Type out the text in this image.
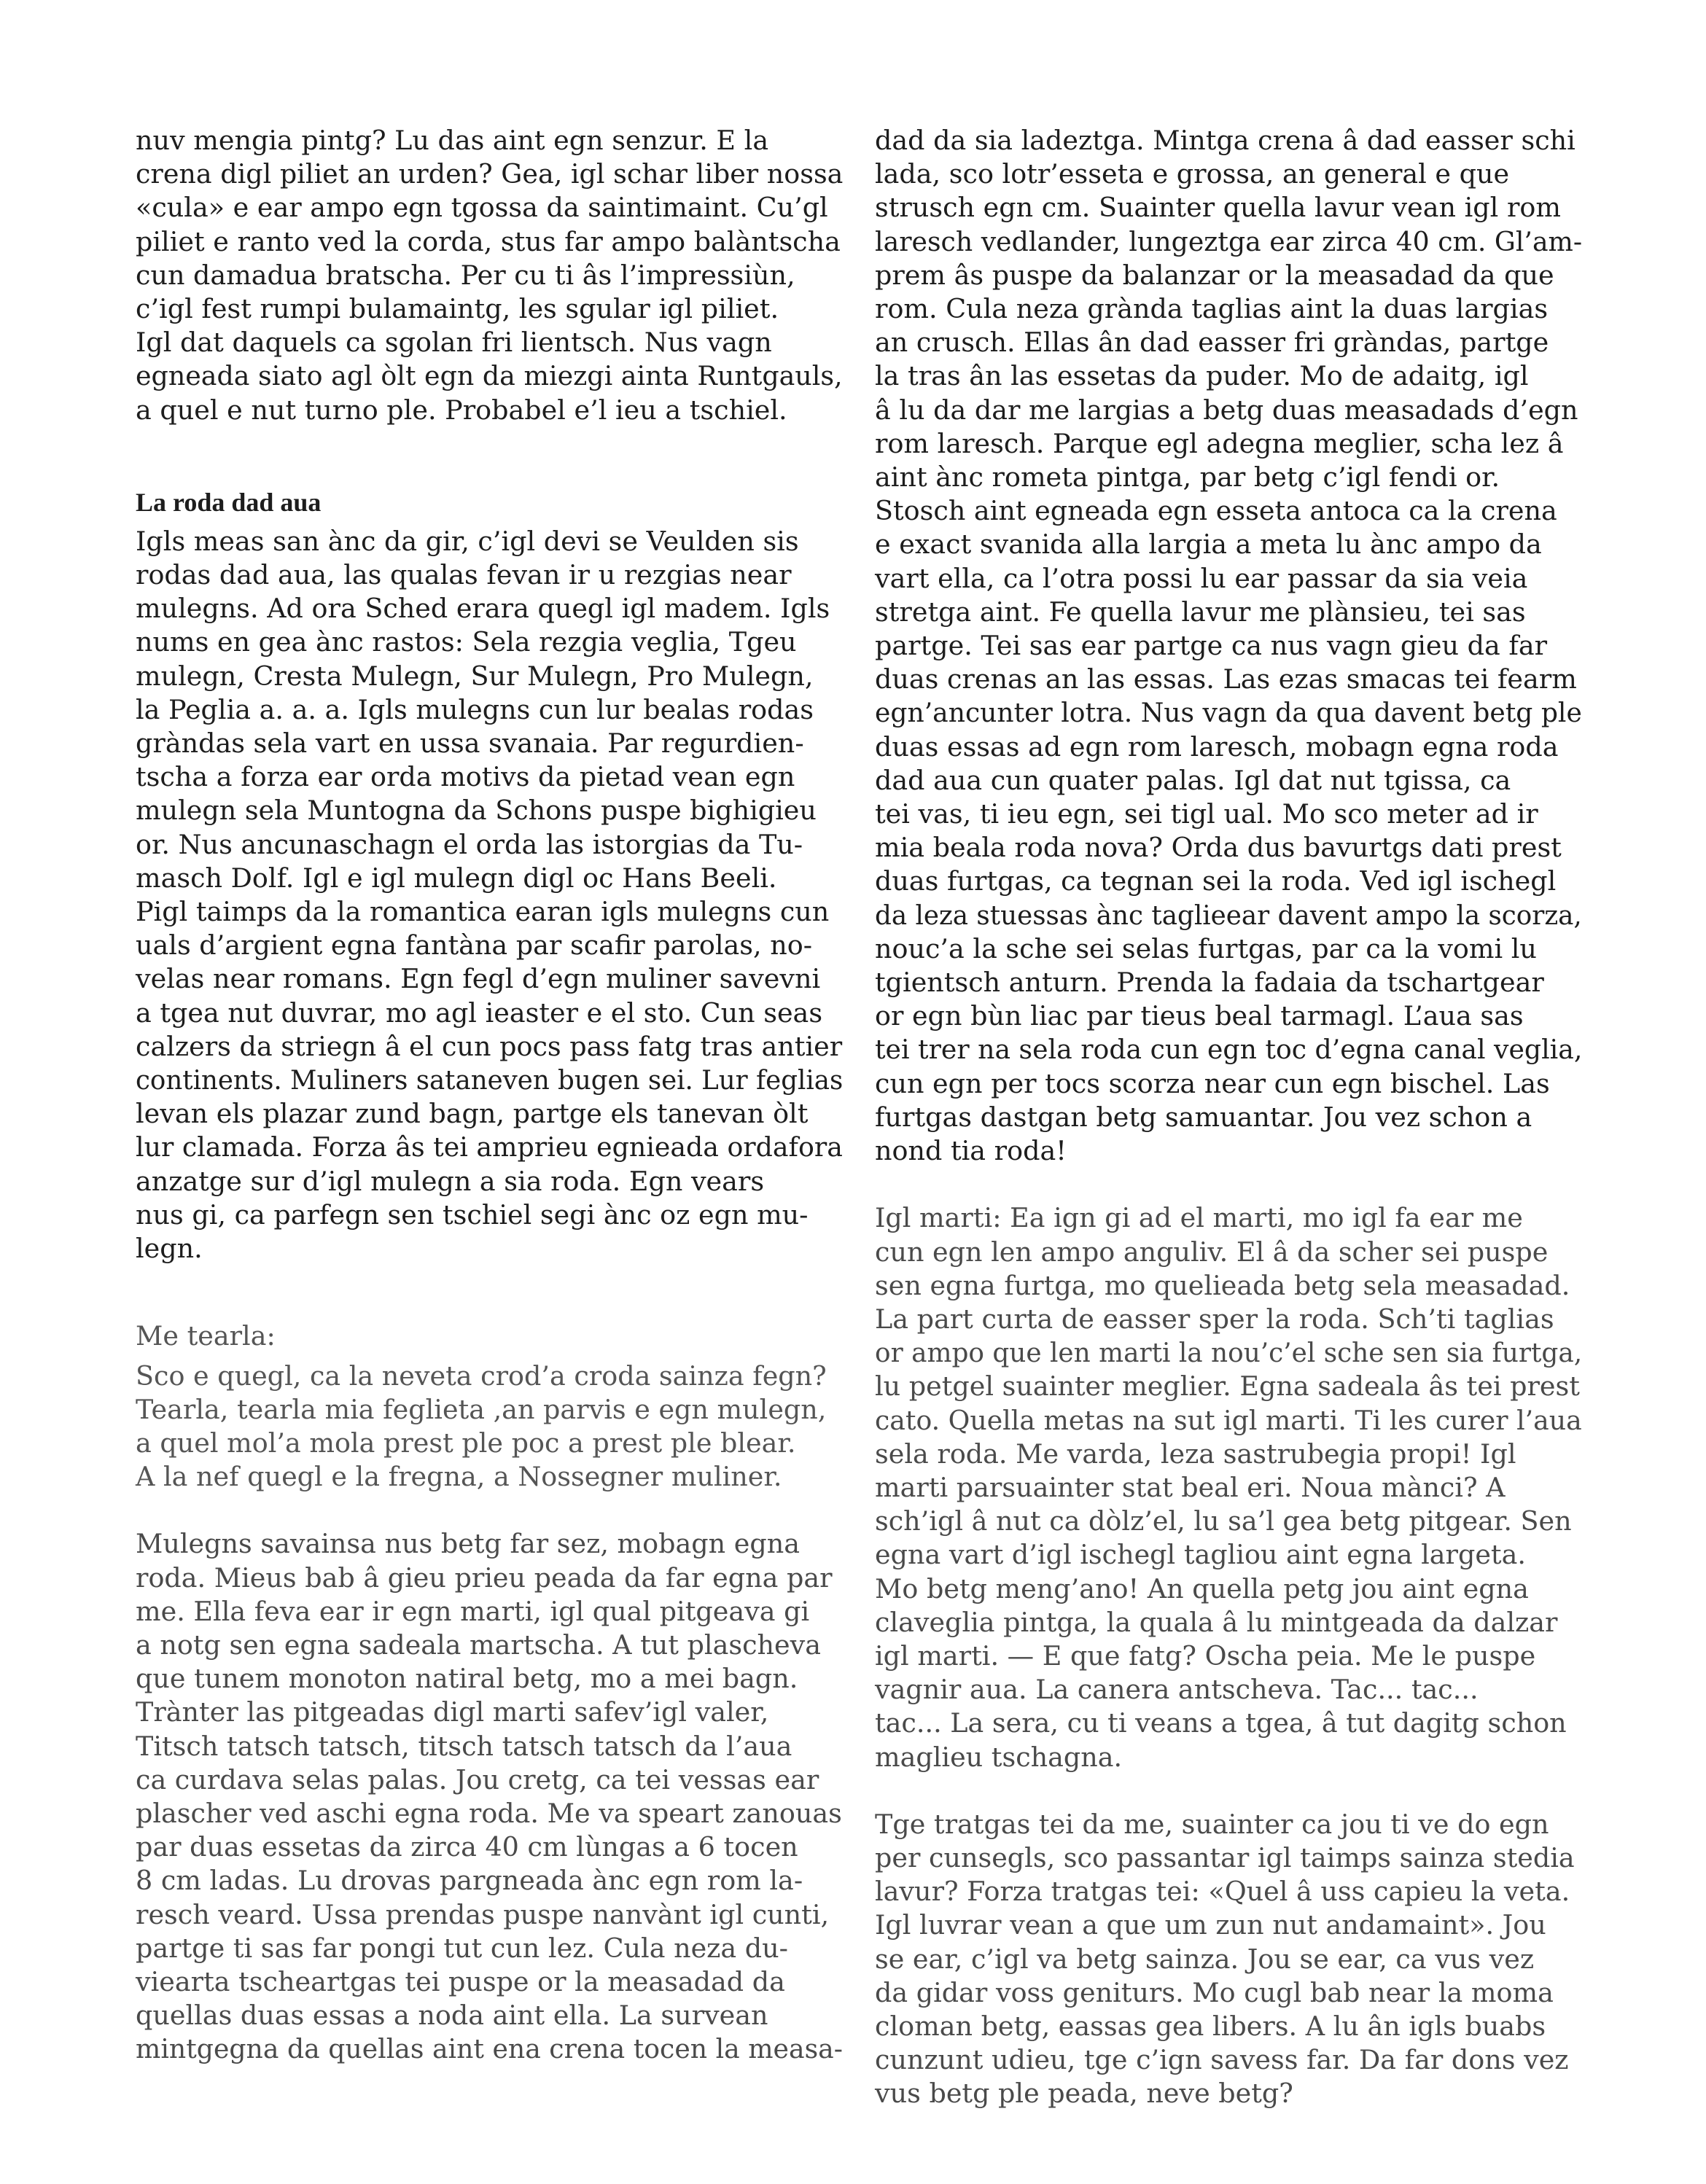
nuv mengia pintg? Lu das aint egn senzur. E la
crena digl piliet an urden? Gea, igl schar liber nossa
«cula» e ear ampo egn tgossa da saintimaint. Cu’gl
piliet e ranto ved la corda, stus far ampo balàntscha
cun damadua bratscha. Per cu ti âs l’impressiùn,
c’igl fest rumpi bulamaintg, les sgular igl piliet.
Igl dat daquels ca sgolan fri lientsch. Nus vagn
egneada siato agl òlt egn da miezgi ainta Runtgauls,
a quel e nut turno ple. Probabel e’l ieu a tschiel.
La roda dad aua
Igls meas san ànc da gir, c’igl devi se Veulden sis
rodas dad aua, las qualas fevan ir u rezgias near
mulegns. Ad ora Sched erara quegl igl madem. Igls
nums en gea ànc rastos: Sela rezgia veglia, Tgeu
mulegn, Cresta Mulegn, Sur Mulegn, Pro Mulegn,
la Peglia a. a. a. Igls mulegns cun lur bealas rodas
gràndas sela vart en ussa svanaia. Par regurdien-
tscha a forza ear orda motivs da pietad vean egn
mulegn sela Muntogna da Schons puspe bighigieu
or. Nus ancunaschagn el orda las istorgias da Tu-
masch Dolf. Igl e igl mulegn digl oc Hans Beeli.
Pigl taimps da la romantica earan igls mulegns cun
uals d’argient egna fantàna par scafir parolas, no-
velas near romans. Egn fegl d’egn muliner savevni
a tgea nut duvrar, mo agl ieaster e el sto. Cun seas
calzers da striegn â el cun pocs pass fatg tras antier
continents. Muliners sataneven bugen sei. Lur feglias
levan els plazar zund bagn, partge els tanevan òlt
lur clamada. Forza âs tei amprieu egnieada ordafora
anzatge sur d’igl mulegn a sia roda. Egn vears
nus gi, ca parfegn sen tschiel segi ànc oz egn mu-
legn.
Me tearla:
Sco e quegl, ca la neveta crod’a croda sainza fegn?
Tearla, tearla mia feglieta ,an parvis e egn mulegn,
a quel mol’a mola prest ple poc a prest ple blear.
A la nef quegl e la fregna, a Nossegner muliner.
Mulegns savainsa nus betg far sez, mobagn egna
roda. Mieus bab â gieu prieu peada da far egna par
me. Ella feva ear ir egn marti, igl qual pitgeava gi
a notg sen egna sadeala martscha. A tut plascheva
que tunem monoton natiral betg, mo a mei bagn.
Trànter las pitgeadas digl marti safev’igl valer,
Titsch tatsch tatsch, titsch tatsch tatsch da l’aua
ca curdava selas palas. Jou cretg, ca tei vessas ear
plascher ved aschi egna roda. Me va speart zanouas
par duas essetas da zirca 40 cm lùngas a 6 tocen
8 cm ladas. Lu drovas pargneada ànc egn rom la-
resch veard. Ussa prendas puspe nanvànt igl cunti,
partge ti sas far pongi tut cun lez. Cula neza du-
viearta tscheartgas tei puspe or la measadad da
quellas duas essas a noda aint ella. La survean
mintgegna da quellas aint ena crena tocen la measa-
dad da sia ladeztga. Mintga crena â dad easser schi
lada, sco lotr’esseta e grossa, an general e que
strusch egn cm. Suainter quella lavur vean igl rom
laresch vedlander, lungeztga ear zirca 40 cm. Gl’am-
prem âs puspe da balanzar or la measadad da que
rom. Cula neza grànda taglias aint la duas largias
an crusch. Ellas ân dad easser fri gràndas, partge
la tras ân las essetas da puder. Mo de adaitg, igl
â lu da dar me largias a betg duas measadads d’egn
rom laresch. Parque egl adegna meglier, scha lez â
aint ànc rometa pintga, par betg c’igl fendi or.
Stosch aint egneada egn esseta antoca ca la crena
e exact svanida alla largia a meta lu ànc ampo da
vart ella, ca l’otra possi lu ear passar da sia veia
stretga aint. Fe quella lavur me plànsieu, tei sas
partge. Tei sas ear partge ca nus vagn gieu da far
duas crenas an las essas. Las ezas smacas tei fearm
egn’ancunter lotra. Nus vagn da qua davent betg ple
duas essas ad egn rom laresch, mobagn egna roda
dad aua cun quater palas. Igl dat nut tgissa, ca
tei vas, ti ieu egn, sei tigl ual. Mo sco meter ad ir
mia beala roda nova? Orda dus bavurtgs dati prest
duas furtgas, ca tegnan sei la roda. Ved igl ischegl
da leza stuessas ànc taglieear davent ampo la scorza,
nouc’a la sche sei selas furtgas, par ca la vomi lu
tgientsch anturn. Prenda la fadaia da tschartgear
or egn bùn liac par tieus beal tarmagl. L’aua sas
tei trer na sela roda cun egn toc d’egna canal veglia,
cun egn per tocs scorza near cun egn bischel. Las
furtgas dastgan betg samuantar. Jou vez schon a
nond tia roda!
Igl marti: Ea ign gi ad el marti, mo igl fa ear me
cun egn len ampo anguliv. El â da scher sei puspe
sen egna furtga, mo quelieada betg sela measadad.
La part curta de easser sper la roda. Sch’ti taglias
or ampo que len marti la nou’c’el sche sen sia furtga,
lu petgel suainter meglier. Egna sadeala âs tei prest
cato. Quella metas na sut igl marti. Ti les curer l’aua
sela roda. Me varda, leza sastrubegia propi! Igl
marti parsuainter stat beal eri. Noua mànci? A
sch’igl â nut ca dòlz’el, lu sa’l gea betg pitgear. Sen
egna vart d’igl ischegl tagliou aint egna largeta.
Mo betg meng’ano! An quella petg jou aint egna
claveglia pintga, la quala â lu mintgeada da dalzar
igl marti. — E que fatg? Oscha peia. Me le puspe
vagnir aua. La canera antscheva. Tac... tac...
tac... La sera, cu ti veans a tgea, â tut dagitg schon
maglieu tschagna.
Tge tratgas tei da me, suainter ca jou ti ve do egn
per cunsegls, sco passantar igl taimps sainza stedia
lavur? Forza tratgas tei: «Quel â uss capieu la veta.
Igl luvrar vean a que um zun nut andamaint». Jou
se ear, c’igl va betg sainza. Jou se ear, ca vus vez
da gidar voss geniturs. Mo cugl bab near la moma
cloman betg, eassas gea libers. A lu ân igls buabs
cunzunt udieu, tge c’ign savess far. Da far dons vez
vus betg ple peada, neve betg?
